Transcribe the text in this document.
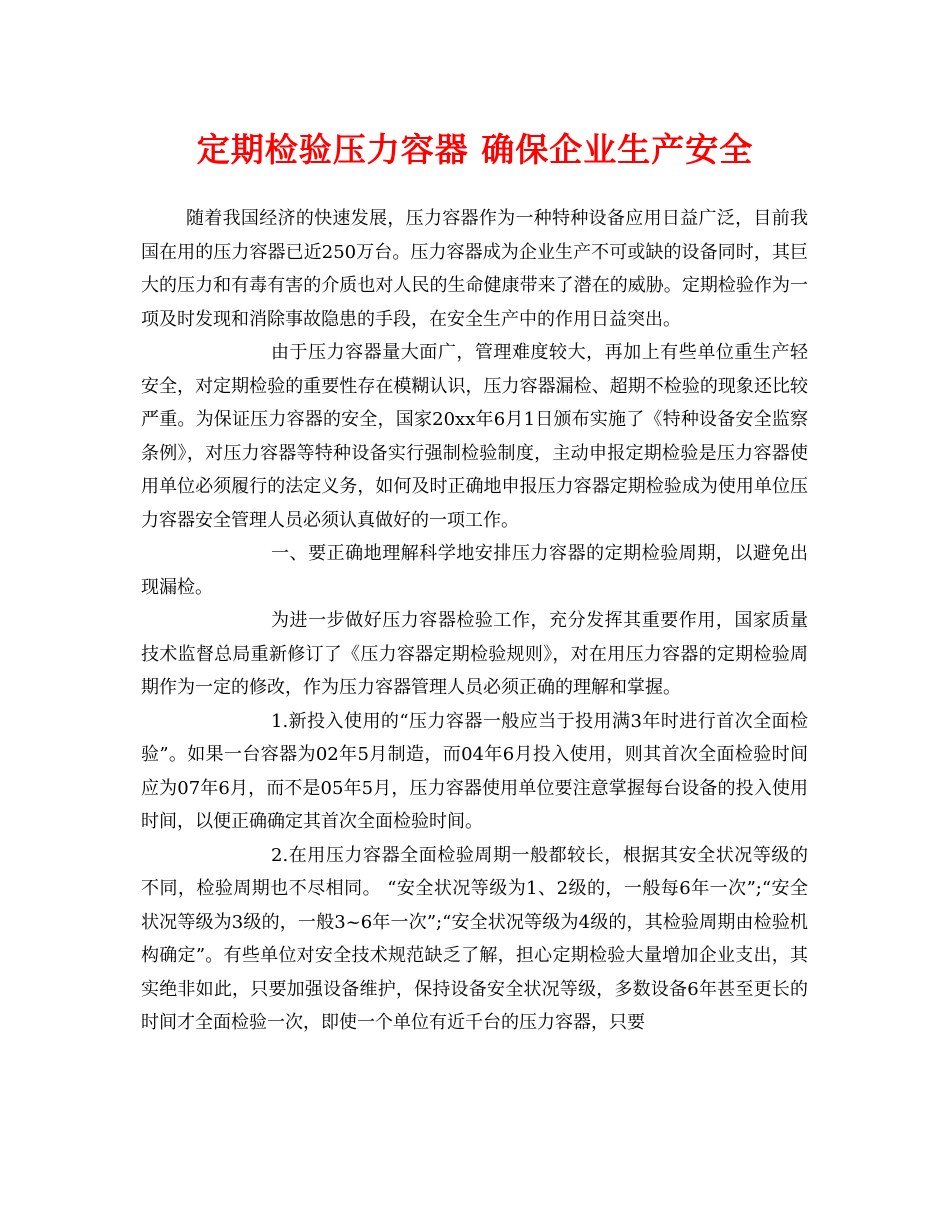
定期检验压力容器 确保企业生产安全

随着我国经济的快速发展，压力容器作为一种特种设备应用日益广泛，目前我国在用的压力容器已近250万台。压力容器成为企业生产不可或缺的设备同时，其巨大的压力和有毒有害的介质也对人民的生命健康带来了潜在的威胁。定期检验作为一项及时发现和消除事故隐患的手段，在安全生产中的作用日益突出。

由于压力容器量大面广，管理难度较大，再加上有些单位重生产轻安全，对定期检验的重要性存在模糊认识，压力容器漏检、超期不检验的现象还比较严重。为保证压力容器的安全，国家20xx年6月1日颁布实施了《特种设备安全监察条例》，对压力容器等特种设备实行强制检验制度，主动申报定期检验是压力容器使用单位必须履行的法定义务，如何及时正确地申报压力容器定期检验成为使用单位压力容器安全管理人员必须认真做好的一项工作。

一、要正确地理解科学地安排压力容器的定期检验周期，以避免出现漏检。

为进一步做好压力容器检验工作，充分发挥其重要作用，国家质量技术监督总局重新修订了《压力容器定期检验规则》，对在用压力容器的定期检验周期作为一定的修改，作为压力容器管理人员必须正确的理解和掌握。

1.新投入使用的“压力容器一般应当于投用满3年时进行首次全面检验”。如果一台容器为02年5月制造，而04年6月投入使用，则其首次全面检验时间应为07年6月，而不是05年5月，压力容器使用单位要注意掌握每台设备的投入使用时间，以便正确确定其首次全面检验时间。

2.在用压力容器全面检验周期一般都较长，根据其安全状况等级的不同，检验周期也不尽相同。 “安全状况等级为1、2级的，一般每6年一次”;“安全状况等级为3级的，一般3~6年一次”;“安全状况等级为4级的，其检验周期由检验机构确定”。有些单位对安全技术规范缺乏了解，担心定期检验大量增加企业支出，其实绝非如此，只要加强设备维护，保持设备安全状况等级，多数设备6年甚至更长的时间才全面检验一次，即使一个单位有近千台的压力容器，只要
